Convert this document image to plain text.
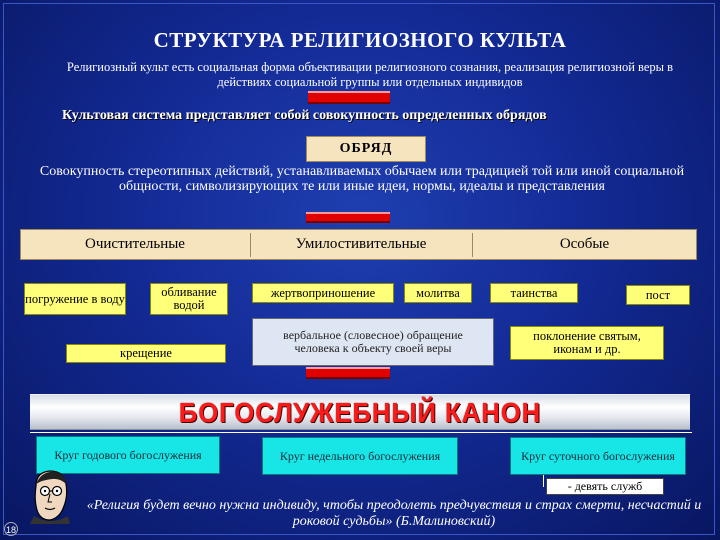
СТРУКТУРА РЕЛИГИОЗНОГО КУЛЬТА
Религиозный культ есть социальная форма объективации религиозного сознания, реализация религиозной веры в действиях социальной группы или отдельных индивидов
Культовая система представляет собой совокупность определенных обрядов
ОБРЯД
Совокупность стереотипных действий, устанавливаемых обычаем или традицией той или иной социальной общности, символизирующих те или иные идеи, нормы, идеалы и представления
Очистительные	Умилостивительные	Особые
погружение в воду	обливание водой
крещение
жертвоприношение	молитва
вербальное (словесное) обращение человека к объекту своей веры
таинства	пост
поклонение святым, иконам и др.
БОГОСЛУЖЕБНЫЙ КАНОН
Круг годового богослужения	Круг недельного богослужения	Круг суточного богослужения
- девять служб
«Религия будет вечно нужна индивиду, чтобы преодолеть предчувствия и страх смерти, несчастий и роковой судьбы» (Б.Малиновский)
18
